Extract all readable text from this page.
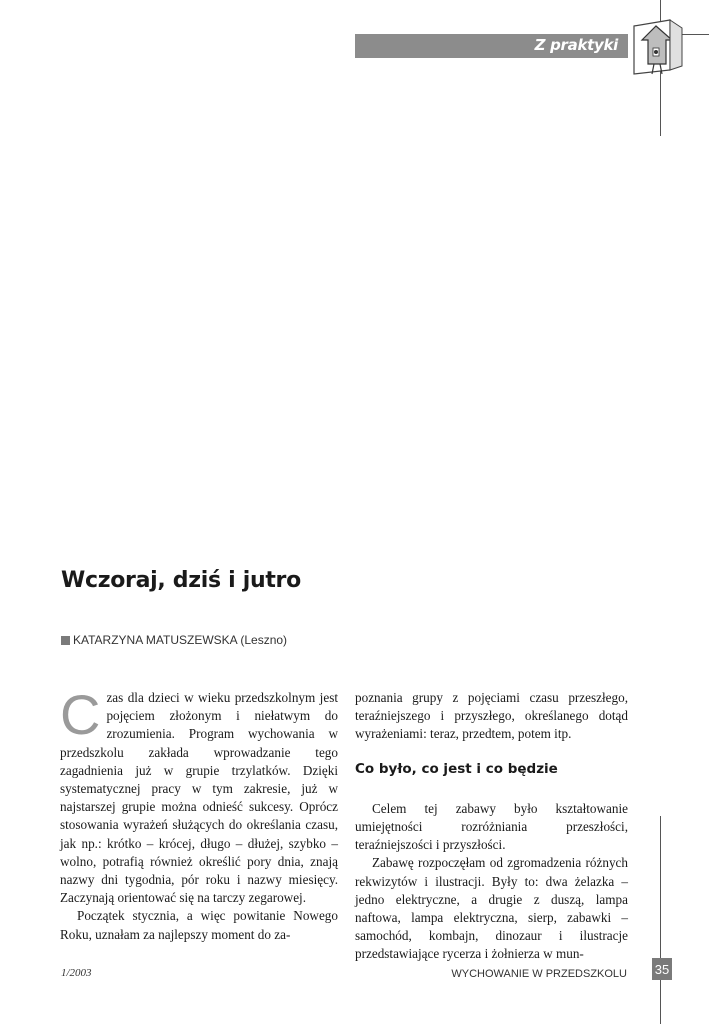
Z praktyki
Wczoraj, dziś i jutro
KATARZYNA MATUSZEWSKA (Leszno)
C zas dla dzieci w wieku przedszkolnym jest pojęciem złożonym i niełatwym do zrozumienia. Program wychowania w przedszkolu zakłada wprowadzanie tego zagadnienia już w grupie trzylatków. Dzięki systematycznej pracy w tym zakresie, już w najstarszej grupie można odnieść sukcesy. Oprócz stosowania wyrażeń służących do określania czasu, jak np.: krótko – krócej, długo – dłużej, szybko – wolno, potrafią również określić pory dnia, znają nazwy dni tygodnia, pór roku i nazwy miesięcy. Zaczynają orientować się na tarczy zegarowej.

Początek stycznia, a więc powitanie Nowego Roku, uznałam za najlepszy moment do za-

poznania grupy z pojęciami czasu przeszłego, teraźniejszego i przyszłego, określanego dotąd wyrażeniami: teraz, przedtem, potem itp.

Co było, co jest i co będzie

Celem tej zabawy było kształtowanie umiejętności rozróżniania przeszłości, teraźniejszości i przyszłości.

Zabawę rozpoczęłam od zgromadzenia różnych rekwizytów i ilustracji. Były to: dwa żelazka – jedno elektryczne, a drugie z duszą, lampa naftowa, lampa elektryczna, sierp, zabawki – samochód, kombajn, dinozaur i ilustracje przedstawiające rycerza i żołnierza w mun-

1/2003	WYCHOWANIE W PRZEDSZKOLU 35
